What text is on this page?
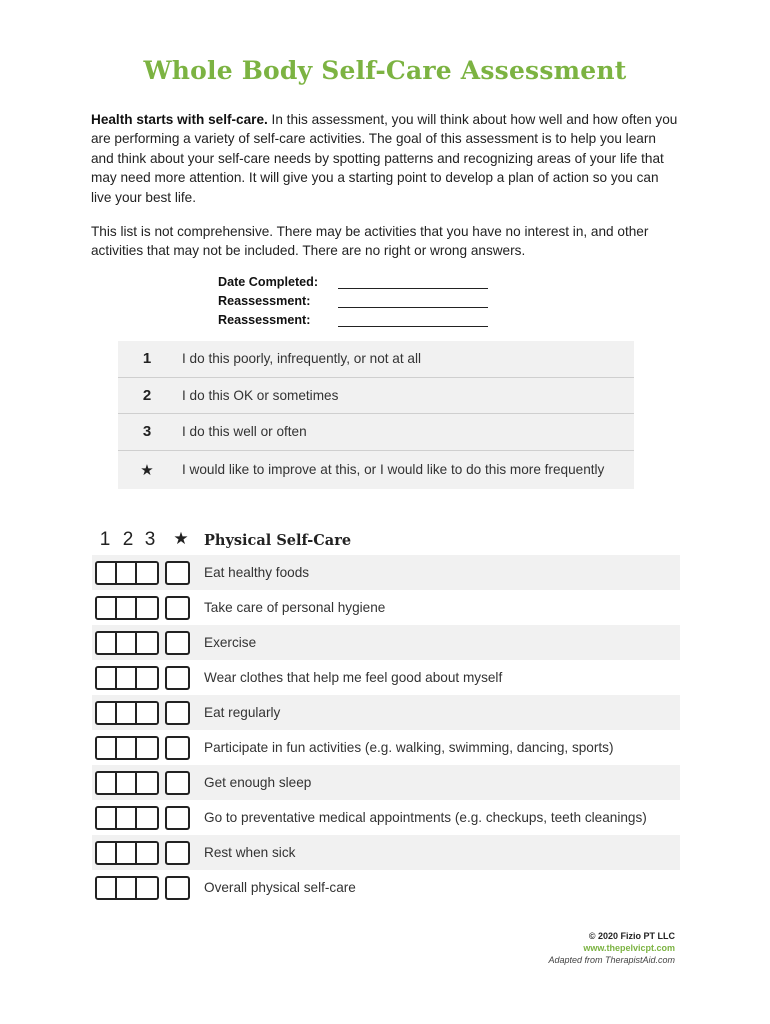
Whole Body Self-Care Assessment

Health starts with self-care. In this assessment, you will think about how well and how often you are performing a variety of self-care activities. The goal of this assessment is to help you learn and think about your self-care needs by spotting patterns and recognizing areas of your life that may need more attention. It will give you a starting point to develop a plan of action so you can live your best life.

This list is not comprehensive. There may be activities that you have no interest in, and other activities that may not be included. There are no right or wrong answers.

Date Completed:
Reassessment:
Reassessment:
1	I do this poorly, infrequently, or not at all
2	I do this OK or sometimes
3	I do this well or often
★	I would like to improve at this, or I would like to do this more frequently
1 2 3	★	Physical Self-Care
Eat healthy foods
Take care of personal hygiene
Exercise
Wear clothes that help me feel good about myself
Eat regularly
Participate in fun activities (e.g. walking, swimming, dancing, sports)
Get enough sleep
Go to preventative medical appointments (e.g. checkups, teeth cleanings)
Rest when sick
Overall physical self-care
© 2020 Fizio PT LLC
www.thepelvicpt.com
Adapted from TherapistAid.com
